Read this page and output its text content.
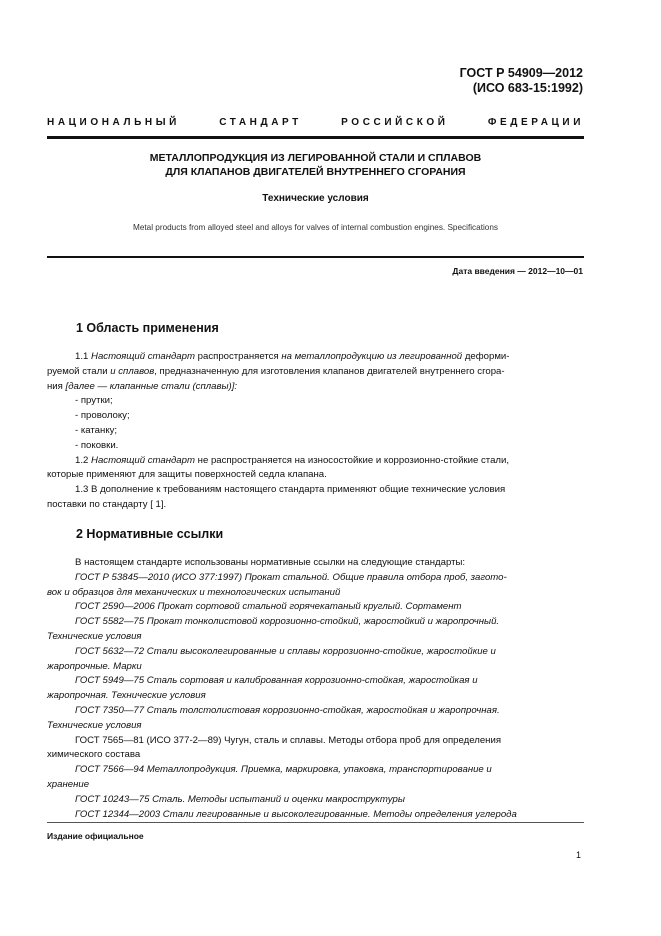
ГОСТ Р 54909—2012
(ИСО 683-15:1992)
НАЦИОНАЛЬНЫЙ	СТАНДАРТ	РОССИЙСКОЙ	ФЕДЕРАЦИИ
МЕТАЛЛОПРОДУКЦИЯ ИЗ ЛЕГИРОВАННОЙ СТАЛИ И СПЛАВОВ
ДЛЯ КЛАПАНОВ ДВИГАТЕЛЕЙ ВНУТРЕННЕГО СГОРАНИЯ
Технические условия
Metal products from alloyed steel and alloys for valves of internal combustion engines. Specifications
Дата введения — 2012—10—01
1 Область применения

1.1 Настоящий стандарт распространяется на металлопродукцию из легированной деформи-

руемой стали и сплавов, предназначенную для изготовления клапанов двигателей внутреннего сгора-

ния [далее — клапанные стали (сплавы)]:

- прутки;

- проволоку;

- катанку;

- поковки.

1.2 Настоящий стандарт не распространяется на износостойкие и коррозионно-стойкие стали,

которые применяют для защиты поверхностей седла клапана.

1.3 В дополнение к требованиям настоящего стандарта применяют общие технические условия

поставки по стандарту [ 1].

2 Нормативные ссылки

В настоящем стандарте использованы нормативные ссылки на следующие стандарты:

ГОСТ Р 53845—2010 (ИСО 377:1997) Прокат стальной. Общие правила отбора проб, загото-

вок и образцов для механических и технологических испытаний

ГОСТ 2590—2006 Прокат сортовой стальной горячекатаный круглый. Сортамент

ГОСТ 5582—75 Прокат тонколистовой коррозионно-стойкий, жаростойкий и жаропрочный.

Технические условия

ГОСТ 5632—72 Стали высоколегированные и сплавы коррозионно-стойкие, жаростойкие и

жаропрочные. Марки

ГОСТ 5949—75 Сталь сортовая и калиброванная коррозионно-стойкая, жаростойкая и

жаропрочная. Технические условия

ГОСТ 7350—77 Сталь толстолистовая коррозионно-стойкая, жаростойкая и жаропрочная.

Технические условия

ГОСТ 7565—81 (ИСО 377-2—89) Чугун, сталь и сплавы. Методы отбора проб для определения

химического состава

ГОСТ 7566—94 Металлопродукция. Приемка, маркировка, упаковка, транспортирование и

хранение

ГОСТ 10243—75 Сталь. Методы испытаний и оценки макроструктуры

ГОСТ 12344—2003 Стали легированные и высоколегированные. Методы определения углерода

Издание официальное
1
